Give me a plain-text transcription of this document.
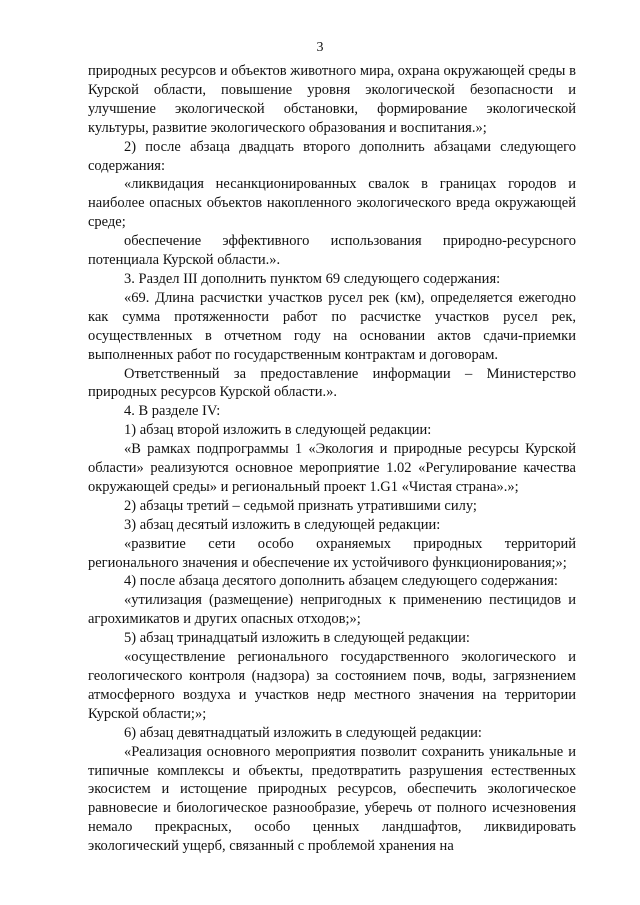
3

природных ресурсов и объектов животного мира, охрана окружающей среды в Курской области, повышение уровня экологической безопасности и улучшение экологической обстановки, формирование экологической культуры, развитие экологического образования и воспитания.»;

2) после абзаца двадцать второго дополнить абзацами следующего содержания:

«ликвидация несанкционированных свалок в границах городов и наиболее опасных объектов накопленного экологического вреда окружающей среде;

обеспечение эффективного использования природно-ресурсного потенциала Курской области.».

3. Раздел III дополнить пунктом 69 следующего содержания:

«69. Длина расчистки участков русел рек (км), определяется ежегодно как сумма протяженности работ по расчистке участков русел рек, осуществленных в отчетном году на основании актов сдачи-приемки выполненных работ по государственным контрактам и договорам.

Ответственный за предоставление информации – Министерство природных ресурсов Курской области.».

4. В разделе IV:

1) абзац второй изложить в следующей редакции:

«В рамках подпрограммы 1 «Экология и природные ресурсы Курской области» реализуются основное мероприятие 1.02 «Регулирование качества окружающей среды» и региональный проект 1.G1 «Чистая страна».»;

2) абзацы третий – седьмой признать утратившими силу;

3) абзац десятый изложить в следующей редакции:

«развитие сети особо охраняемых природных территорий регионального значения и обеспечение их устойчивого функционирования;»;

4) после абзаца десятого дополнить абзацем следующего содержания:

«утилизация (размещение) непригодных к применению пестицидов и агрохимикатов и других опасных отходов;»;

5) абзац тринадцатый изложить в следующей редакции:

«осуществление регионального государственного экологического и геологического контроля (надзора) за состоянием почв, воды, загрязнением атмосферного воздуха и участков недр местного значения на территории Курской области;»;

6) абзац девятнадцатый изложить в следующей редакции:

«Реализация основного мероприятия позволит сохранить уникальные и типичные комплексы и объекты, предотвратить разрушения естественных экосистем и истощение природных ресурсов, обеспечить экологическое равновесие и биологическое разнообразие, уберечь от полного исчезновения немало прекрасных, особо ценных ландшафтов, ликвидировать экологический ущерб, связанный с проблемой хранения на
